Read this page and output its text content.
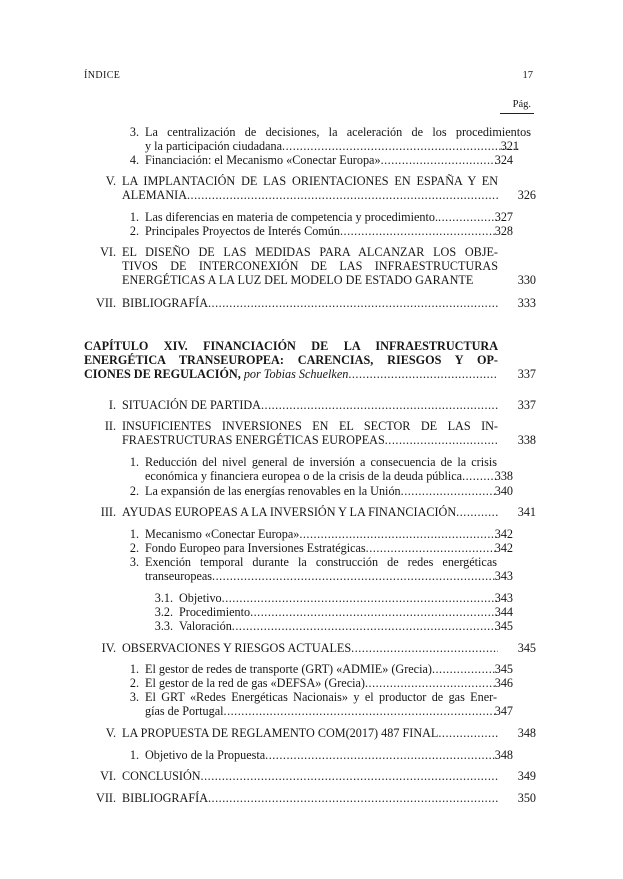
ÍNDICE	17
Pág.
3. La centralización de decisiones, la aceleración de los procedimientos
y la participación ciudadana .....	321
4. Financiación: el Mecanismo «Conectar Europa» .....	324
V. LA IMPLANTACIÓN DE LAS ORIENTACIONES EN ESPAÑA Y EN
ALEMANIA .....	326
1. Las diferencias en materia de competencia y procedimiento. .....	327
2. Principales Proyectos de Interés Común .....	328
VI. EL DISEÑO DE LAS MEDIDAS PARA ALCANZAR LOS OBJE-
TIVOS DE INTERCONEXIÓN DE LAS INFRAESTRUCTURAS
ENERGÉTICAS A LA LUZ DEL MODELO DE ESTADO GARANTE	330
VII. BIBLIOGRAFÍA .....	333
CAPÍTULO XIV. FINANCIACIÓN DE LA INFRAESTRUCTURA
ENERGÉTICA TRANSEUROPEA: CARENCIAS, RIESGOS Y OP-
CIONES DE REGULACIÓN,
por Tobias Schuelken .....	337
I. SITUACIÓN DE PARTIDA .....	337
II. INSUFICIENTES INVERSIONES EN EL SECTOR DE LAS IN-
FRAESTRUCTURAS ENERGÉTICAS EUROPEAS .....	338
1. Reducción del nivel general de inversión a consecuencia de la crisis
económica y financiera europea o de la crisis de la deuda pública .....	338
2. La expansión de las energías renovables en la Unión .....	340
III. AYUDAS EUROPEAS A LA INVERSIÓN Y LA FINANCIACIÓN .....	341
1. Mecanismo «Conectar Europa» .....	342
2. Fondo Europeo para Inversiones Estratégicas .....	342
3. Exención temporal durante la construcción de redes energéticas
transeuropeas .....	343
3.1. Objetivo .....	343
3.2. Procedimiento .....	344
3.3. Valoración .....	345
IV. OBSERVACIONES Y RIESGOS ACTUALES .....	345
1. El gestor de redes de transporte (GRT) «ADMIE» (Grecia) .....	345
2. El gestor de la red de gas «DEFSA» (Grecia) .....	346
3. El GRT «Redes Energéticas Nacionais» y el productor de gas Ener-
gías de Portugal .....	347
V. LA PROPUESTA DE REGLAMENTO COM(2017) 487 FINAL .....	348
1. Objetivo de la Propuesta .....	348
VI. CONCLUSIÓN .....	349
VII. BIBLIOGRAFÍA .....	350
